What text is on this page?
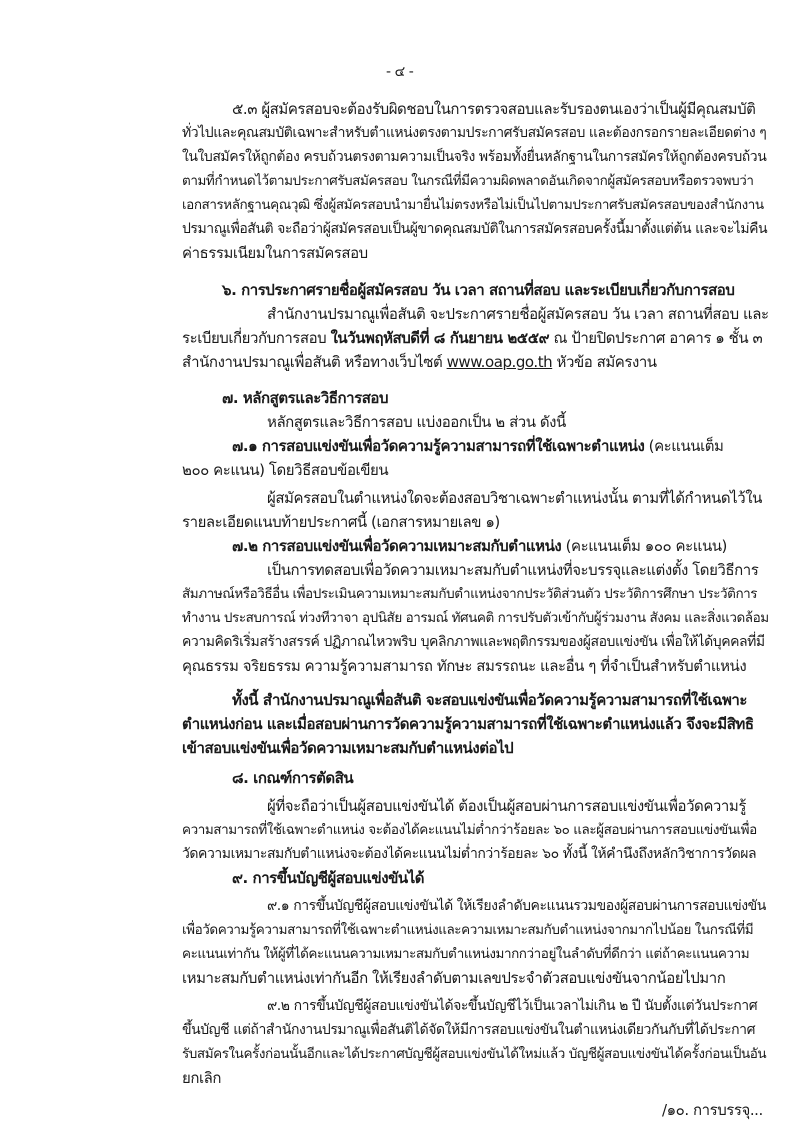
- ๔ -
๕.๓ ผู้สมัครสอบจะต้องรับผิดชอบในการตรวจสอบและรับรองตนเองว่าเป็นผู้มีคุณสมบัติ
ทั่วไปและคุณสมบัติเฉพาะสำหรับตำแหน่งตรงตามประกาศรับสมัครสอบ และต้องกรอกรายละเอียดต่าง ๆ
ในใบสมัครให้ถูกต้อง ครบถ้วนตรงตามความเป็นจริง พร้อมทั้งยื่นหลักฐานในการสมัครให้ถูกต้องครบถ้วน
ตามที่กำหนดไว้ตามประกาศรับสมัครสอบ ในกรณีที่มีความผิดพลาดอันเกิดจากผู้สมัครสอบหรือตรวจพบว่า
เอกสารหลักฐานคุณวุฒิ ซึ่งผู้สมัครสอบนำมายื่นไม่ตรงหรือไม่เป็นไปตามประกาศรับสมัครสอบของสำนักงาน
ปรมาณูเพื่อสันติ จะถือว่าผู้สมัครสอบเป็นผู้ขาดคุณสมบัติในการสมัครสอบครั้งนี้มาตั้งแต่ต้น และจะไม่คืน
ค่าธรรมเนียมในการสมัครสอบ
๖. การประกาศรายชื่อผู้สมัครสอบ วัน เวลา สถานที่สอบ และระเบียบเกี่ยวกับการสอบ
สำนักงานปรมาณูเพื่อสันติ จะประกาศรายชื่อผู้สมัครสอบ วัน เวลา สถานที่สอบ และ
ระเบียบเกี่ยวกับการสอบ ในวันพฤหัสบดีที่ ๘ กันยายน ๒๕๕๙ ณ ป้ายปิดประกาศ อาคาร ๑ ชั้น ๓
สำนักงานปรมาณูเพื่อสันติ หรือทางเว็บไซต์ www.oap.go.th หัวข้อ สมัครงาน
๗. หลักสูตรและวิธีการสอบ
หลักสูตรและวิธีการสอบ แบ่งออกเป็น ๒ ส่วน ดังนี้
๗.๑ การสอบแข่งขันเพื่อวัดความรู้ความสามารถที่ใช้เฉพาะตำแหน่ง (คะแนนเต็ม
๒๐๐ คะแนน) โดยวิธีสอบข้อเขียน
ผู้สมัครสอบในตำแหน่งใดจะต้องสอบวิชาเฉพาะตำแหน่งนั้น ตามที่ได้กำหนดไว้ใน
รายละเอียดแนบท้ายประกาศนี้ (เอกสารหมายเลข ๑)
๗.๒ การสอบแข่งขันเพื่อวัดความเหมาะสมกับตำแหน่ง (คะแนนเต็ม ๑๐๐ คะแนน)
เป็นการทดสอบเพื่อวัดความเหมาะสมกับตำแหน่งที่จะบรรจุและแต่งตั้ง โดยวิธีการ
สัมภาษณ์หรือวิธีอื่น เพื่อประเมินความเหมาะสมกับตำแหน่งจากประวัติส่วนตัว ประวัติการศึกษา ประวัติการ
ทำงาน ประสบการณ์ ท่วงทีวาจา อุปนิสัย อารมณ์ ทัศนคติ การปรับตัวเข้ากับผู้ร่วมงาน สังคม และสิ่งแวดล้อม
ความคิดริเริ่มสร้างสรรค์ ปฏิภาณไหวพริบ บุคลิกภาพและพฤติกรรมของผู้สอบแข่งขัน เพื่อให้ได้บุคคลที่มี
คุณธรรม จริยธรรม ความรู้ความสามารถ ทักษะ สมรรถนะ และอื่น ๆ ที่จำเป็นสำหรับตำแหน่ง
ทั้งนี้ สำนักงานปรมาณูเพื่อสันติ จะสอบแข่งขันเพื่อวัดความรู้ความสามารถที่ใช้เฉพาะ
ตำแหน่งก่อน และเมื่อสอบผ่านการวัดความรู้ความสามารถที่ใช้เฉพาะตำแหน่งแล้ว จึงจะมีสิทธิ
เข้าสอบแข่งขันเพื่อวัดความเหมาะสมกับตำแหน่งต่อไป
๘. เกณฑ์การตัดสิน
ผู้ที่จะถือว่าเป็นผู้สอบแข่งขันได้ ต้องเป็นผู้สอบผ่านการสอบแข่งขันเพื่อวัดความรู้
ความสามารถที่ใช้เฉพาะตำแหน่ง จะต้องได้คะแนนไม่ต่ำกว่าร้อยละ ๖๐ และผู้สอบผ่านการสอบแข่งขันเพื่อ
วัดความเหมาะสมกับตำแหน่งจะต้องได้คะแนนไม่ต่ำกว่าร้อยละ ๖๐ ทั้งนี้ ให้คำนึงถึงหลักวิชาการวัดผล
๙. การขึ้นบัญชีผู้สอบแข่งขันได้
๙.๑ การขึ้นบัญชีผู้สอบแข่งขันได้ ให้เรียงลำดับคะแนนรวมของผู้สอบผ่านการสอบแข่งขัน
เพื่อวัดความรู้ความสามารถที่ใช้เฉพาะตำแหน่งและความเหมาะสมกับตำแหน่งจากมากไปน้อย ในกรณีที่มี
คะแนนเท่ากัน ให้ผู้ที่ได้คะแนนความเหมาะสมกับตำแหน่งมากกว่าอยู่ในลำดับที่ดีกว่า แต่ถ้าคะแนนความ
เหมาะสมกับตำแหน่งเท่ากันอีก ให้เรียงลำดับตามเลขประจำตัวสอบแข่งขันจากน้อยไปมาก
๙.๒ การขึ้นบัญชีผู้สอบแข่งขันได้จะขึ้นบัญชีไว้เป็นเวลาไม่เกิน ๒ ปี นับตั้งแต่วันประกาศ
ขึ้นบัญชี แต่ถ้าสำนักงานปรมาณูเพื่อสันติได้จัดให้มีการสอบแข่งขันในตำแหน่งเดียวกันกับที่ได้ประกาศ
รับสมัครในครั้งก่อนนั้นอีกและได้ประกาศบัญชีผู้สอบแข่งขันได้ใหม่แล้ว บัญชีผู้สอบแข่งขันได้ครั้งก่อนเป็นอัน
ยกเลิก
/๑๐. การบรรจุ...
